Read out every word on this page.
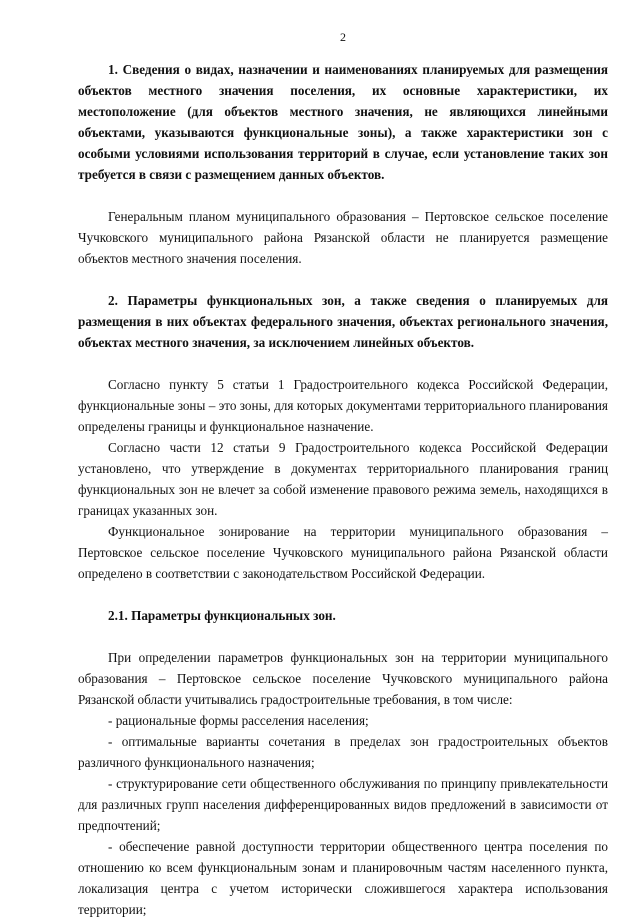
2

1. Сведения о видах, назначении и наименованиях планируемых для размещения объектов местного значения поселения, их основные характеристики, их местоположение (для объектов местного значения, не являющихся линейными объектами, указываются функциональные зоны), а также характеристики зон с особыми условиями использования территорий в случае, если установление таких зон требуется в связи с размещением данных объектов.

Генеральным планом муниципального образования – Пертовское сельское поселение Чучковского муниципального района Рязанской области не планируется размещение объектов местного значения поселения.

2. Параметры функциональных зон, а также сведения о планируемых для размещения в них объектах федерального значения, объектах регионального значения, объектах местного значения, за исключением линейных объектов.

Согласно пункту 5 статьи 1 Градостроительного кодекса Российской Федерации, функциональные зоны – это зоны, для которых документами территориального планирования определены границы и функциональное назначение.

Согласно части 12 статьи 9 Градостроительного кодекса Российской Федерации установлено, что утверждение в документах территориального планирования границ функциональных зон не влечет за собой изменение правового режима земель, находящихся в границах указанных зон.

Функциональное зонирование на территории муниципального образования – Пертовское сельское поселение Чучковского муниципального района Рязанской области определено в соответствии с законодательством Российской Федерации.

2.1. Параметры функциональных зон.

При определении параметров функциональных зон на территории муниципального образования – Пертовское сельское поселение Чучковского муниципального района Рязанской области учитывались градостроительные требования, в том числе:

- рациональные формы расселения населения;

- оптимальные варианты сочетания в пределах зон градостроительных объектов различного функционального назначения;

- структурирование сети общественного обслуживания по принципу привлекательности для различных групп населения дифференцированных видов предложений в зависимости от предпочтений;

- обеспечение равной доступности территории общественного центра поселения по отношению ко всем функциональным зонам и планировочным частям населенного пункта, локализация центра с учетом исторически сложившегося характера использования территории;
